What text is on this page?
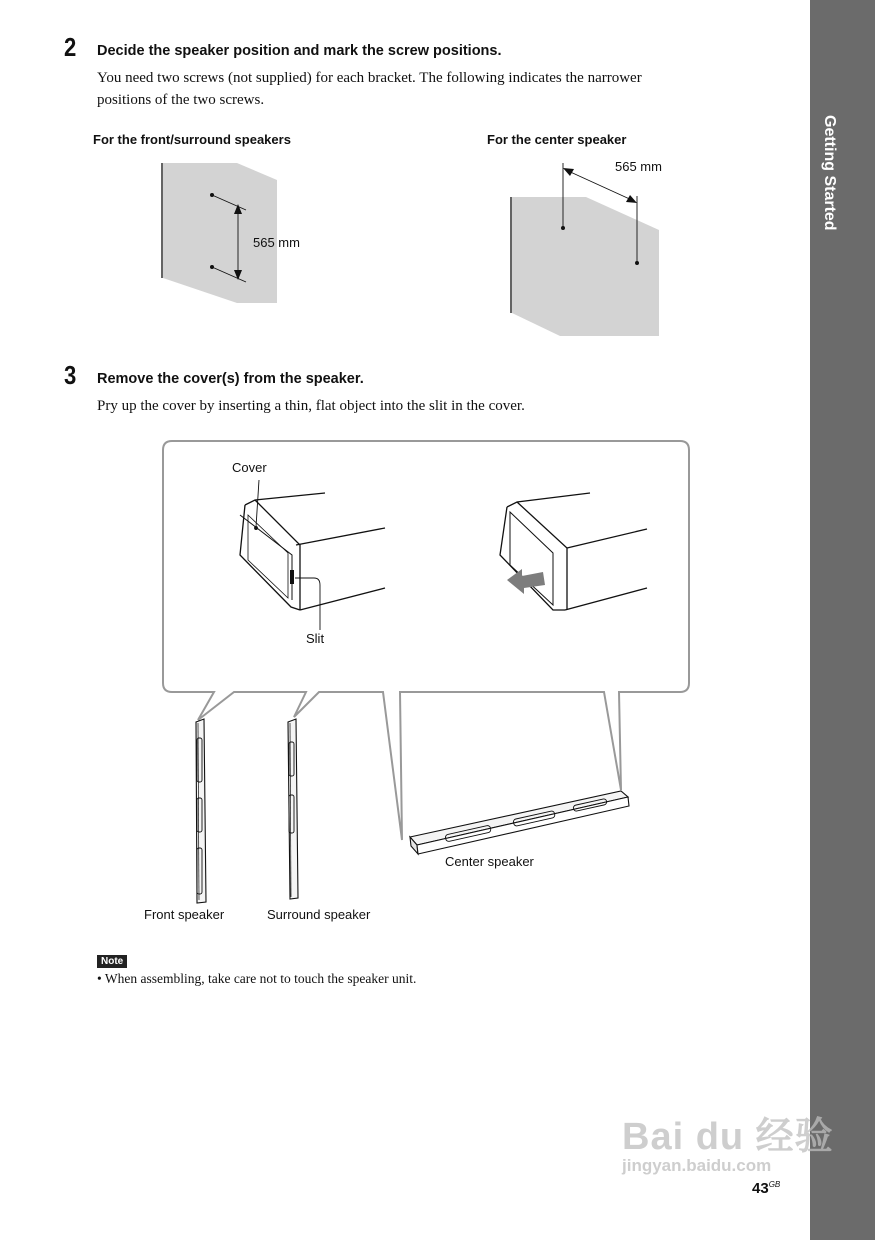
Getting Started
2 Decide the speaker position and mark the screw positions.
You need two screws (not supplied) for each bracket. The following indicates the narrower
positions of the two screws.
For the front/surround speakers	For the center speaker
565 mm
565 mm
3 Remove the cover(s) from the speaker.
Pry up the cover by inserting a thin, flat object into the slit in the cover.
Cover
Slit
Center speaker
Front speaker	Surround speaker
Note
• When assembling, take care not to touch the speaker unit.
Bai du 经验
jingyan.baidu.com
$43^{GB}$
